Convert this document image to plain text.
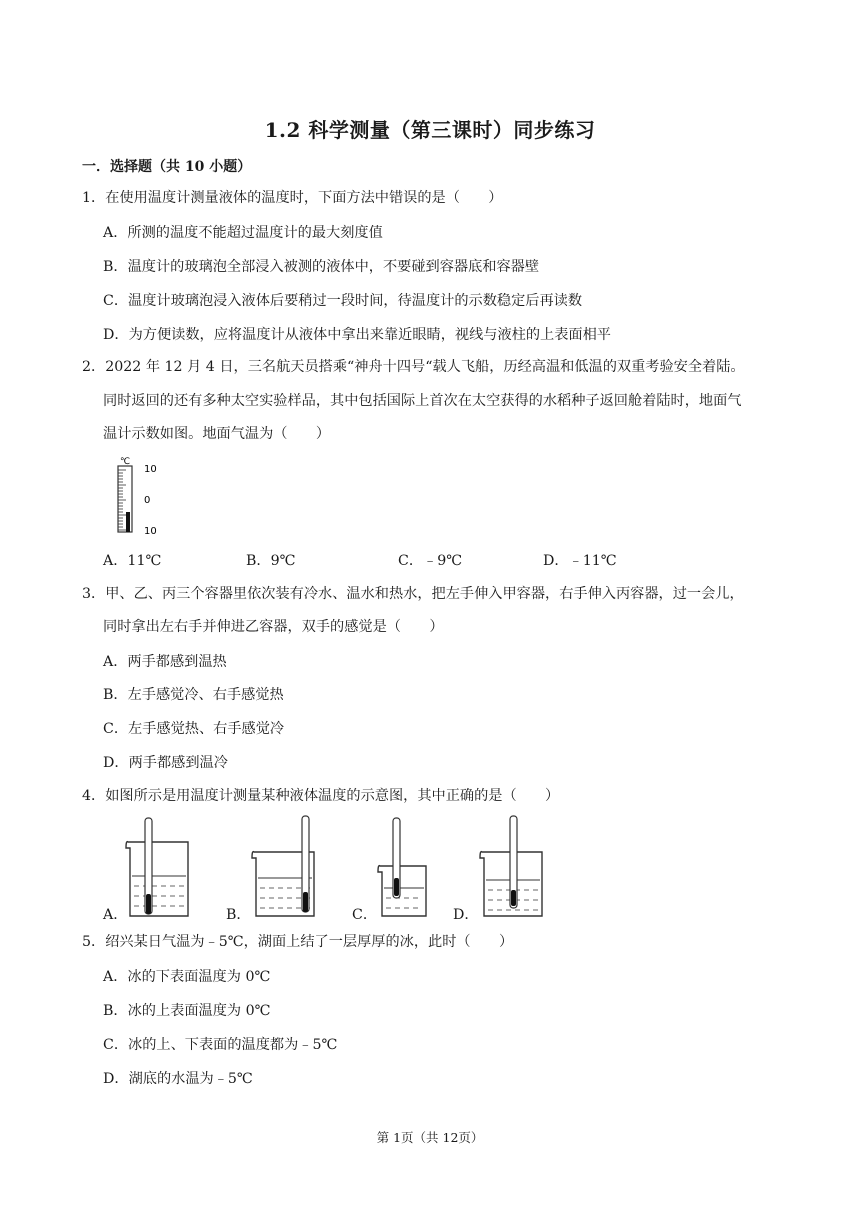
1.2 科学测量（第三课时）同步练习
一．选择题（共 10 小题）
1．在使用温度计测量液体的温度时，下面方法中错误的是（　　）
A．所测的温度不能超过温度计的最大刻度值
B．温度计的玻璃泡全部浸入被测的液体中，不要碰到容器底和容器壁
C．温度计玻璃泡浸入液体后要稍过一段时间，待温度计的示数稳定后再读数
D．为方便读数，应将温度计从液体中拿出来靠近眼睛，视线与液柱的上表面相平
2．2022 年 12 月 4 日，三名航天员搭乘“神舟十四号“载人飞船，历经高温和低温的双重考验安全着陆。
同时返回的还有多种太空实验样品，其中包括国际上首次在太空获得的水稻种子返回舱着陆时，地面气
温计示数如图。地面气温为（　　）
℃
10
0
10
A．11℃	B．9℃	C．﹣9℃	D．﹣11℃
3．甲、乙、丙三个容器里依次装有冷水、温水和热水，把左手伸入甲容器，右手伸入丙容器，过一会儿，
同时拿出左右手并伸进乙容器，双手的感觉是（　　）
A．两手都感到温热
B．左手感觉冷、右手感觉热
C．左手感觉热、右手感觉冷
D．两手都感到温冷
4．如图所示是用温度计测量某种液体温度的示意图，其中正确的是（　　）
A．	B．	C．	D．
5．绍兴某日气温为﹣5℃，湖面上结了一层厚厚的冰，此时（　　）
A．冰的下表面温度为 0℃
B．冰的上表面温度为 0℃
C．冰的上、下表面的温度都为﹣5℃
D．湖底的水温为﹣5℃
第 1页（共 12页）
